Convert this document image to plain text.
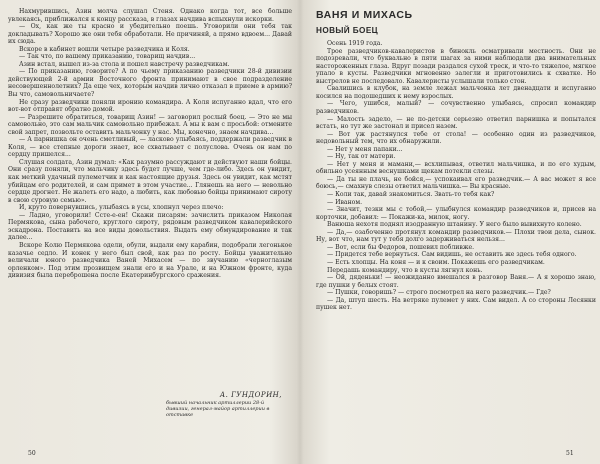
Нахмурившись, Азин молча слушал Стеня. Однако когда тот, все больше увлекаясь, приближался к концу рассказа, в глазах начдива вспыхнули искорки.

— Ох, как же ты красно и убедительно поешь. Уговорили они тебя так докладывать? Хорошо же они тебя обработали. Не причиняй, а прямо вдвоем... Давай их сюда.

Вскоре в кабинет вошли четыре разведчика и Коля.

— Так что, по вашему приказанию, товарищ начдив...

Азин встал, вышел из-за стола и пошел навстречу разведчикам.

— По приказанию, говорите? А по чьему приказанию разведчики 28-й дивизии действующей 2-й армии Восточного фронта принимают в свое подразделение несовершеннолетних? Да еще чех, которым начдив лично отказал в приеме в армию? Вы что, самовольничаете?

Не сразу разведчики поняли иронию командира. А Коля испуганно вдал, что его вот-вот отправят обратно домой.

— Разрешите обратиться, товарищ Азин! — заговорил рослый боец. — Это не мы самовольно, это сам мальчик самовольно прибежал. А мы к вам с просьбой: отмените свой запрет, позвольте оставить мальчонку у нас. Мы, конечно, знаем начдива...

— А парнишка он очень сметливый, — ласково улыбаясь, поддержали разведчик в Коля, — все степные дороги знает, все схватывает с полуслова. Очень он нам по сердцу пришелся...

Слушая солдата, Азин думал: «Как разумно рассуждают и действуют наши бойцы. Они сразу поняли, что мальчику здесь будет лучше, чем где-либо. Здесь он увидит, как меткий удачный пулеметчик и как настоящие друзья. Здесь он увидит, как мстят убийцам его родителей, и сам примет в этом участие... Глянешь на него — невольно сердце дрогнет. Не жалеть его надо, а любить, как любовью бойцы принимают сироту в свою суровую семью».

И, круто повернувшись, улыбаясь в усы, хлопнул через плечо:

— Ладно, уговорили! Ссте-е-ен! Скажи писарям: зачислить приказом Николая Пермякова, сына рабочего, круглого сироту, рядовым разведчиком кавалерийского эскадрона. Поставить на все виды довольствия. Выдать ему обмундирование и так далее...

Вскоре Колю Пермякова одели, обули, выдали ему карабин, подобрали легонькое казачье седло. И конек у него был свой, как раз по росту. Бойцы уважительно величали юного разведчика Ваней Михасем — по звучанию «черноглазым орленком». Под этим прозвищем знали его и на Урале, и на Южном фронте, куда дивизия была переброшена после Екатеринбургского сражения.

А. ГУНДОРИН,
бывший начальник артиллерии 28-й дивизии, генерал-майор артиллерии в отставке
50
ВАНЯ И МИХАСЬ
НОВЫЙ БОЕЦ

Осень 1919 года.

Трое разведчиков-кавалеристов в бинокль осматривали местность. Они не подозревали, что буквально в пяти шагах за ними наблюдали два внимательных настороженных глаза. Вдруг позади раздался сухой треск, и что-то тяжелое, мягкое упало в кусты. Разведчики мгновенно залегли и приготовились к схватке. Но выстрелов не последовало. Кавалеристы услышали только стон.

Свалишись в клубок, на земле лежал мальчонка лет двенадцати и испуганно косился на подошедших к нему взрослых.

— Чего, ушибся, малый? — сочувственно улыбаясь, спросил командир разведчиков.

— Малость задело, — не по-детски серьезно ответил парнишка и попытался встать, но тут же застонал и присел назем.

— Вот уж растянулся тебе от стола! — особенно один из разведчиков, недовольный тем, что их обнаружили.

— Нет у меня папаки...

— Ну, так от матери.

— Нет у меня и мамани,— всхлипывая, ответил мальчишка, и по его худым, обильно усеянным веснушками щекам потекли слезы.

— Да ты не плачь, не бойся,— успокаивал его разведчик.— А вас может я все боюсь,— смахнув слезы ответил мальчишка.— Вы красные.

— Коли так, давай знакомиться. Звать-то тебя как?

— Иваном.

— Значит, тезки мы с тобой,— улыбнулся командир разведчиков и, присев на корточки, добавил: — Покажи-ка, милок, ногу.

Ванюша нехотя поднял изодранную штанину. У него было вывихнуто колено.

— Да,— озабоченно протянул командир разведчиков.— Плохи твои дела, сынок. Ну, вот что, нам тут у тебя долго задерживаться нельзя...

— Вот, если бы Федоров, пошевил побливже.

— Придется тебе вернуться. Сам видишь, не оставить же здесь тебя одного.

— Есть хлопцы. На коня — и к своим. Покажешь его разведчикам.

Передашь командиру, что в кусты лягнул конь.

— Ой, дяденьки! — неожиданно вмешался в разговор Ваня.— А я хорошо знаю, где пушки у белых стоят.

— Пушки, говоришь? — строго посмотрел на него разведчик.— Где?

— Да, штуп шесть. На ветряке пулемет у них. Сам видел. А со стороны Лесянки пушек нет.

51
